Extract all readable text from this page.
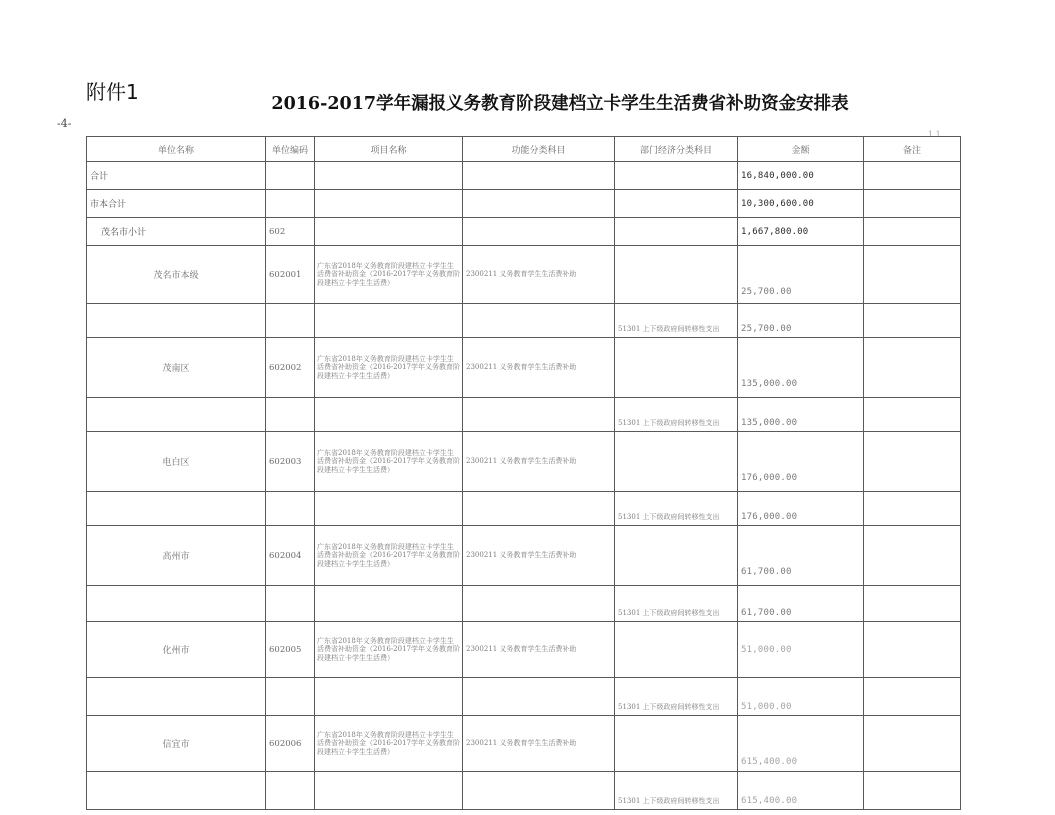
附件1	2016-2017学年漏报义务教育阶段建档立卡学生生活费省补助资金安排表
-4-
1 1
单位名称	单位编码	项目名称	功能分类科目	部门经济分类科目	金额	备注
合计					16,840,000.00	
市本合计					10,300,600.00	
茂名市小计	602				1,667,800.00	
茂名市本级	602001	广东省2018年义务教育阶段建档立卡学生生活费省补助资金（2016-2017学年义务教育阶段建档立卡学生生活费）	2300211 义务教育学生生活费补助		25,700.00	
				51301 上下级政府间转移性支出	25,700.00	
茂南区	602002	广东省2018年义务教育阶段建档立卡学生生活费省补助资金（2016-2017学年义务教育阶段建档立卡学生生活费）	2300211 义务教育学生生活费补助		135,000.00	
				51301 上下级政府间转移性支出	135,000.00	
电白区	602003	广东省2018年义务教育阶段建档立卡学生生活费省补助资金（2016-2017学年义务教育阶段建档立卡学生生活费）	2300211 义务教育学生生活费补助		176,000.00	
				51301 上下级政府间转移性支出	176,000.00	
高州市	602004	广东省2018年义务教育阶段建档立卡学生生活费省补助资金（2016-2017学年义务教育阶段建档立卡学生生活费）	2300211 义务教育学生生活费补助		61,700.00	
				51301 上下级政府间转移性支出	61,700.00	
化州市	602005	广东省2018年义务教育阶段建档立卡学生生活费省补助资金（2016-2017学年义务教育阶段建档立卡学生生活费）	2300211 义务教育学生生活费补助		51,000.00	
				51301 上下级政府间转移性支出	51,000.00	
信宜市	602006	广东省2018年义务教育阶段建档立卡学生生活费省补助资金（2016-2017学年义务教育阶段建档立卡学生生活费）	2300211 义务教育学生生活费补助		615,400.00	
				51301 上下级政府间转移性支出	615,400.00	
